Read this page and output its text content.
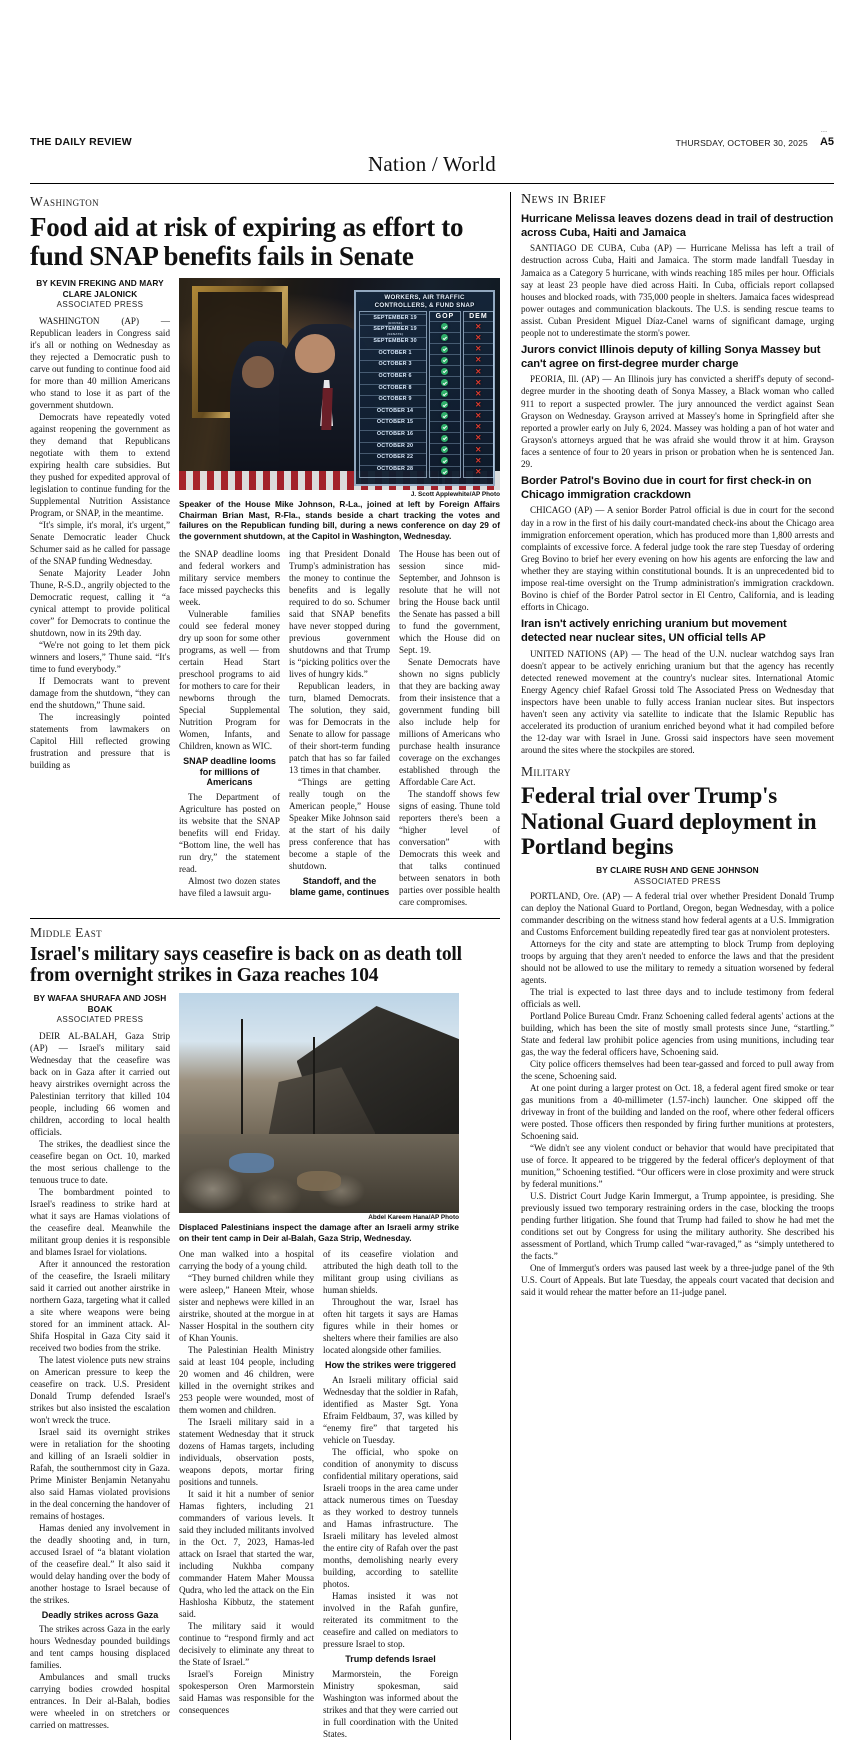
THE DAILY REVIEW	THURSDAY, OCTOBER 30, 2025
˙˙˙
A5
Nation / World
Washington
Food aid at risk of expiring as effort to fund SNAP benefits fails in Senate
BY KEVIN FREKING AND MARY CLARE JALONICK
ASSOCIATED PRESS

WASHINGTON (AP) — Republican leaders in Congress said it's all or nothing on Wednesday as they rejected a Democratic push to carve out funding to continue food aid for more than 40 million Americans who stand to lose it as part of the government shutdown.

Democrats have repeatedly voted against reopening the government as they demand that Republicans negotiate with them to extend expiring health care subsidies. But they pushed for expedited approval of legislation to continue funding for the Supplemental Nutrition Assistance Program, or SNAP, in the meantime.

“It's simple, it's moral, it's urgent,” Senate Democratic leader Chuck Schumer said as he called for passage of the SNAP funding Wednesday.

Senate Majority Leader John Thune, R-S.D., angrily objected to the Democratic request, calling it “a cynical attempt to provide political cover” for Democrats to continue the shutdown, now in its 29th day.

“We're not going to let them pick winners and losers,” Thune said. “It's time to fund everybody.”

If Democrats want to prevent damage from the shutdown, “they can end the shutdown,” Thune said.

The increasingly pointed statements from lawmakers on Capitol Hill reflected growing frustration and pressure that is building as

WORKERS, AIR TRAFFIC CONTROLLERS, & FUND SNAP
SEPTEMBER 19
(HOUSE)
SEPTEMBER 19
(SENATE)
SEPTEMBER 30
OCTOBER 1
OCTOBER 3
OCTOBER 6
OCTOBER 8
OCTOBER 9
OCTOBER 14
OCTOBER 15
OCTOBER 16
OCTOBER 20
OCTOBER 22
OCTOBER 28
GOP	DEM
✕
✕
✕
✕
✕
✕
✕
✕
✕
✕
✕
✕
✕
✕
J. Scott Applewhite/AP Photo
Speaker of the House Mike Johnson, R-La., joined at left by Foreign Affairs Chairman Brian Mast, R-Fla., stands beside a chart tracking the votes and failures on the Republican funding bill, during a news conference on day 29 of the government shutdown, at the Capitol in Washington, Wednesday.

the SNAP deadline looms and federal workers and military service members face missed paychecks this week.

Vulnerable families could see federal money dry up soon for some other programs, as well — from certain Head Start preschool programs to aid for mothers to care for their newborns through the Special Supplemental Nutrition Program for Women, Infants, and Children, known as WIC.

SNAP deadline looms for millions of Americans

The Department of Agriculture has posted on its website that the SNAP benefits will end Friday. “Bottom line, the well has run dry,” the statement read.

Almost two dozen states have filed a lawsuit argu-

ing that President Donald Trump's administration has the money to continue the benefits and is legally required to do so. Schumer said that SNAP benefits have never stopped during previous government shutdowns and that Trump is “picking politics over the lives of hungry kids.”

Republican leaders, in turn, blamed Democrats. The solution, they said, was for Democrats in the Senate to allow for passage of their short-term funding patch that has so far failed 13 times in that chamber.

“Things are getting really tough on the American people,” House Speaker Mike Johnson said at the start of his daily press conference that has become a staple of the shutdown.

Standoff, and the blame game, continues

The House has been out of session since mid-September, and Johnson is resolute that he will not bring the House back until the Senate has passed a bill to fund the government, which the House did on Sept. 19.

Senate Democrats have shown no signs publicly that they are backing away from their insistence that a government funding bill also include help for millions of Americans who purchase health insurance coverage on the exchanges established through the Affordable Care Act.

The standoff shows few signs of easing. Thune told reporters there's been a “higher level of conversation” with Democrats this week and that talks continued between senators in both parties over possible health care compromises.

Middle East
Israel's military says ceasefire is back on as death toll from overnight strikes in Gaza reaches 104
BY WAFAA SHURAFA AND JOSH BOAK
ASSOCIATED PRESS

DEIR AL-BALAH, Gaza Strip (AP) — Israel's military said Wednesday that the ceasefire was back on in Gaza after it carried out heavy airstrikes overnight across the Palestinian territory that killed 104 people, including 66 women and children, according to local health officials.

The strikes, the deadliest since the ceasefire began on Oct. 10, marked the most serious challenge to the tenuous truce to date.

The bombardment pointed to Israel's readiness to strike hard at what it says are Hamas violations of the ceasefire deal. Meanwhile the militant group denies it is responsible and blames Israel for violations.

After it announced the restoration of the ceasefire, the Israeli military said it carried out another airstrike in northern Gaza, targeting what it called a site where weapons were being stored for an imminent attack. Al-Shifa Hospital in Gaza City said it received two bodies from the strike.

The latest violence puts new strains on American pressure to keep the ceasefire on track. U.S. President Donald Trump defended Israel's strikes but also insisted the escalation won't wreck the truce.

Israel said its overnight strikes were in retaliation for the shooting and killing of an Israeli soldier in Rafah, the southernmost city in Gaza. Prime Minister Benjamin Netanyahu also said Hamas violated provisions in the deal concerning the handover of remains of hostages.

Hamas denied any involvement in the deadly shooting and, in turn, accused Israel of “a blatant violation of the ceasefire deal.” It also said it would delay handing over the body of another hostage to Israel because of the strikes.

Deadly strikes across Gaza

The strikes across Gaza in the early hours Wednesday pounded buildings and tent camps housing displaced families.

Ambulances and small trucks carrying bodies crowded hospital entrances. In Deir al-Balah, bodies were wheeled in on stretchers or carried on mattresses.

Abdel Kareem Hana/AP Photo
Displaced Palestinians inspect the damage after an Israeli army strike on their tent camp in Deir al-Balah, Gaza Strip, Wednesday.

One man walked into a hospital carrying the body of a young child.

“They burned children while they were asleep,” Haneen Mteir, whose sister and nephews were killed in an airstrike, shouted at the morgue in at Nasser Hospital in the southern city of Khan Younis.

The Palestinian Health Ministry said at least 104 people, including 20 women and 46 children, were killed in the overnight strikes and 253 people were wounded, most of them women and children.

The Israeli military said in a statement Wednesday that it struck dozens of Hamas targets, including individuals, observation posts, weapons depots, mortar firing positions and tunnels.

It said it hit a number of senior Hamas fighters, including 21 commanders of various levels. It said they included militants involved in the Oct. 7, 2023, Hamas-led attack on Israel that started the war, including Nukhba company commander Hatem Maher Moussa Qudra, who led the attack on the Ein Hashlosha Kibbutz, the statement said.

The military said it would continue to “respond firmly and act decisively to eliminate any threat to the State of Israel.”

Israel's Foreign Ministry spokesperson Oren Marmorstein said Hamas was responsible for the consequences

of its ceasefire violation and attributed the high death toll to the militant group using civilians as human shields.

Throughout the war, Israel has often hit targets it says are Hamas figures while in their homes or shelters where their families are also located alongside other families.

How the strikes were triggered

An Israeli military official said Wednesday that the soldier in Rafah, identified as Master Sgt. Yona Efraim Feldbaum, 37, was killed by “enemy fire” that targeted his vehicle on Tuesday.

The official, who spoke on condition of anonymity to discuss confidential military operations, said Israeli troops in the area came under attack numerous times on Tuesday as they worked to destroy tunnels and Hamas infrastructure. The Israeli military has leveled almost the entire city of Rafah over the past months, demolishing nearly every building, according to satellite photos.

Hamas insisted it was not involved in the Rafah gunfire, reiterated its commitment to the ceasefire and called on mediators to pressure Israel to stop.

Trump defends Israel

Marmorstein, the Foreign Ministry spokesman, said Washington was informed about the strikes and that they were carried out in full coordination with the United States.

News in Brief
Hurricane Melissa leaves dozens dead in trail of destruction across Cuba, Haiti and Jamaica
SANTIAGO DE CUBA, Cuba (AP) — Hurricane Melissa has left a trail of destruction across Cuba, Haiti and Jamaica. The storm made landfall Tuesday in Jamaica as a Category 5 hurricane, with winds reaching 185 miles per hour. Officials say at least 23 people have died across Haiti. In Cuba, officials report collapsed houses and blocked roads, with 735,000 people in shelters. Jamaica faces widespread power outages and communication blackouts. The U.S. is sending rescue teams to assist. Cuban President Miguel Díaz-Canel warns of significant damage, urging people not to underestimate the storm's power.
Jurors convict Illinois deputy of killing Sonya Massey but can't agree on first-degree murder charge
PEORIA, Ill. (AP) — An Illinois jury has convicted a sheriff's deputy of second-degree murder in the shooting death of Sonya Massey, a Black woman who called 911 to report a suspected prowler. The jury announced the verdict against Sean Grayson on Wednesday. Grayson arrived at Massey's home in Springfield after she reported a prowler early on July 6, 2024. Massey was holding a pan of hot water and Grayson's attorneys argued that he was afraid she would throw it at him. Grayson faces a sentence of four to 20 years in prison or probation when he is sentenced Jan. 29.
Border Patrol's Bovino due in court for first check-in on Chicago immigration crackdown
CHICAGO (AP) — A senior Border Patrol official is due in court for the second day in a row in the first of his daily court-mandated check-ins about the Chicago area immigration enforcement operation, which has produced more than 1,800 arrests and complaints of excessive force. A federal judge took the rare step Tuesday of ordering Greg Bovino to brief her every evening on how his agents are enforcing the law and whether they are staying within constitutional bounds. It is an unprecedented bid to impose real-time oversight on the Trump administration's immigration crackdown. Bovino is chief of the Border Patrol sector in El Centro, California, and is leading efforts in Chicago.
Iran isn't actively enriching uranium but movement detected near nuclear sites, UN official tells AP
UNITED NATIONS (AP) — The head of the U.N. nuclear watchdog says Iran doesn't appear to be actively enriching uranium but that the agency has recently detected renewed movement at the country's nuclear sites. International Atomic Energy Agency chief Rafael Grossi told The Associated Press on Wednesday that inspectors have been unable to fully access Iranian nuclear sites. But inspectors haven't seen any activity via satellite to indicate that the Islamic Republic has accelerated its production of uranium enriched beyond what it had compiled before the 12-day war with Israel in June. Grossi said inspectors have seen movement around the sites where the stockpiles are stored.
Military
Federal trial over Trump's National Guard deployment in Portland begins
BY CLAIRE RUSH AND GENE JOHNSON
ASSOCIATED PRESS

PORTLAND, Ore. (AP) — A federal trial over whether President Donald Trump can deploy the National Guard to Portland, Oregon, began Wednesday, with a police commander describing on the witness stand how federal agents at a U.S. Immigration and Customs Enforcement building repeatedly fired tear gas at nonviolent protesters.

Attorneys for the city and state are attempting to block Trump from deploying troops by arguing that they aren't needed to enforce the laws and that the president should not be allowed to use the military to remedy a situation worsened by federal agents.

The trial is expected to last three days and to include testimony from federal officials as well.

Portland Police Bureau Cmdr. Franz Schoening called federal agents' actions at the building, which has been the site of mostly small protests since June, “startling.” State and federal law prohibit police agencies from using munitions, including tear gas, the way the federal officers have, Schoening said.

City police officers themselves had been tear-gassed and forced to pull away from the scene, Schoening said.

At one point during a larger protest on Oct. 18, a federal agent fired smoke or tear gas munitions from a 40-millimeter (1.57-inch) launcher. One skipped off the driveway in front of the building and landed on the roof, where other federal officers were posted. Those officers then responded by firing further munitions at protesters, Schoening said.

“We didn't see any violent conduct or behavior that would have precipitated that use of force. It appeared to be triggered by the federal officer's deployment of that munition,” Schoening testified. “Our officers were in close proximity and were struck by federal munitions.”

U.S. District Court Judge Karin Immergut, a Trump appointee, is presiding. She previously issued two temporary restraining orders in the case, blocking the troops pending further litigation. She found that Trump had failed to show he had met the conditions set out by Congress for using the military authority. She described his assessment of Portland, which Trump called “war-ravaged,” as “simply untethered to the facts.”

One of Immergut's orders was paused last week by a three-judge panel of the 9th U.S. Court of Appeals. But late Tuesday, the appeals court vacated that decision and said it would rehear the matter before an 11-judge panel.
